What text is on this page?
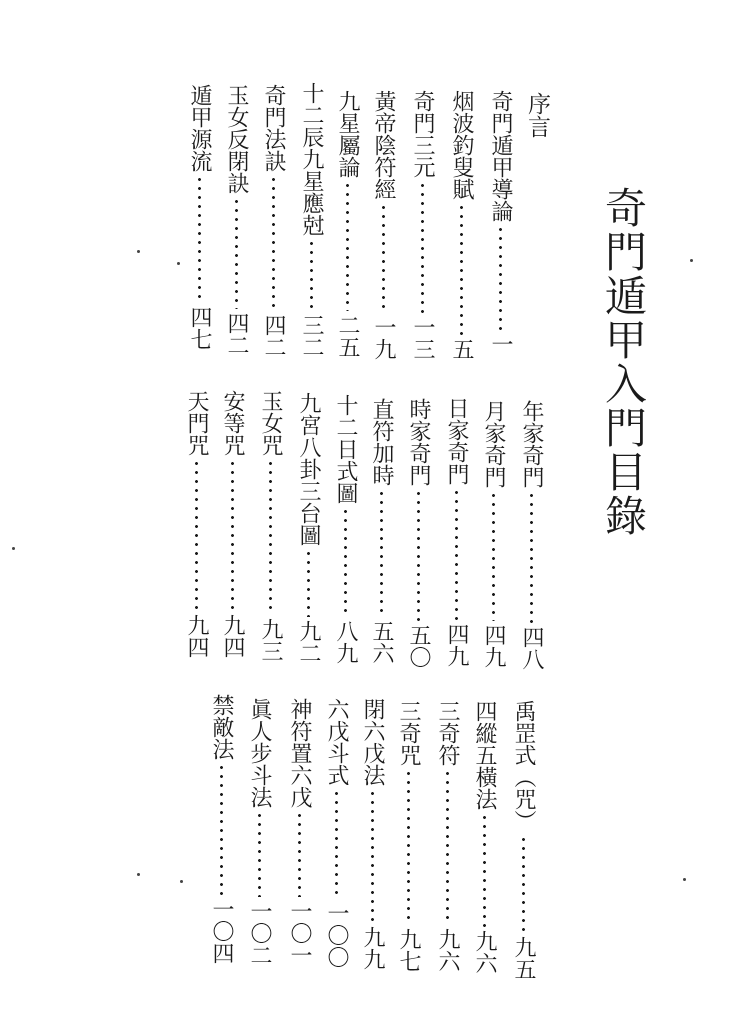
奇門遁甲入門目錄
序言
奇門遁甲導論
一
烟波釣叟賦
五
奇門三元
一三
黃帝陰符經
一九
九星屬論
二五
十二辰九星應尅
三二
奇門法訣
四二
玉女反閉訣
四二
遁甲源流
四七
年家奇門
四八
月家奇門
四九
日家奇門
四九
時家奇門
五〇
直符加時
五六
十二日式圖
八九
九宮八卦三台圖
九二
玉女咒
九三
安等咒
九四
天門咒
九四
禹罡式（咒）
九五
四縱五橫法
九六
三奇符
九六
三奇咒
九七
閉六戊法
九九
六戊斗式
一〇〇
神符置六戊
一〇一
眞人步斗法
一〇二
禁敵法
一〇四
